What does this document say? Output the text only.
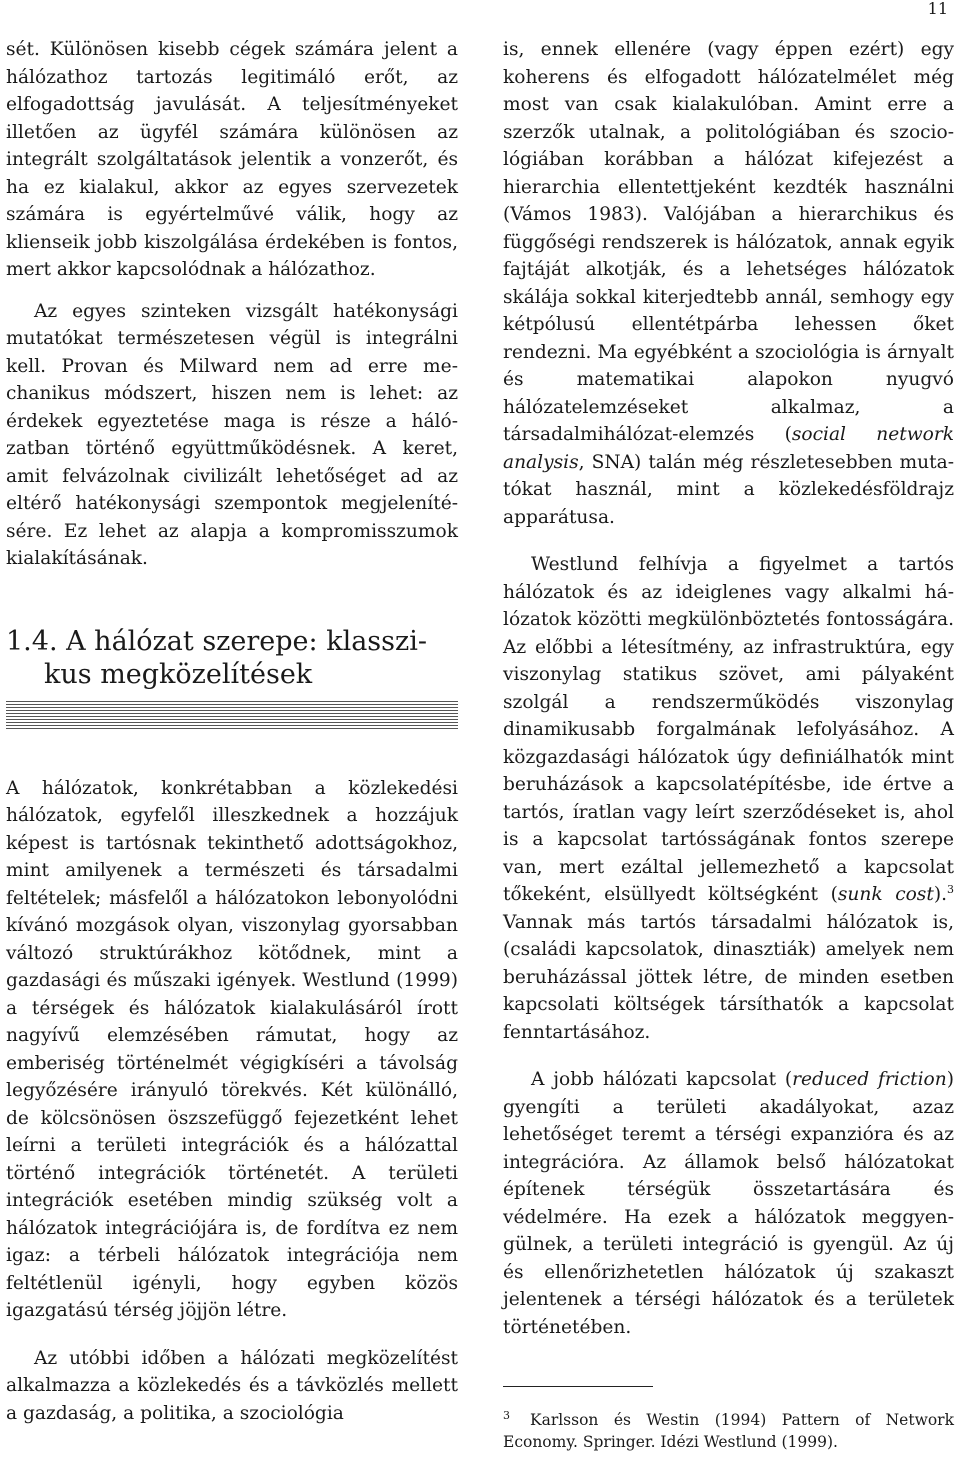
11

sét. Különösen kisebb cégek számára jelent a hálózathoz tartozás legitimáló erőt, az elfogadottság javulását. A teljesítményeket illetően az ügyfél számára különösen az integrált szolgáltatások jelentik a vonzerőt, és ha ez kialakul, akkor az egyes szervezetek számára is egyértelművé válik, hogy az klienseik jobb kiszolgálása érdekében is fontos, mert akkor kapcsolódnak a hálózathoz.

Az egyes szinteken vizsgált hatékonysági mutatókat természetesen végül is integrálni kell. Provan és Milward nem ad erre mechanikus módszert, hiszen nem is lehet: az érdekek egyeztetése maga is része a hálózatban történő együttműködésnek. A keret, amit felvázolnak civilizált lehetőséget ad az eltérő hatékonysági szempontok megjelenítésére. Ez lehet az alapja a kompromisszumok kialakításának.

1.4. A hálózat szerepe: klasszi-
kus megközelítések

A hálózatok, konkrétabban a közlekedési hálózatok, egyfelől illeszkednek a hozzájuk képest is tartósnak tekinthető adottságokhoz, mint amilyenek a természeti és társadalmi feltételek; másfelől a hálózatokon lebonyolódni kívánó mozgások olyan, viszonylag gyorsabban változó struktúrákhoz kötődnek, mint a gazdasági és műszaki igények. Westlund (1999) a térségek és hálózatok kialakulásáról írott nagyívű elemzésében rámutat, hogy az emberiség történelmét végigkíséri a távolság legyőzésére irányuló törekvés. Két különálló, de kölcsönösen öszszefüggő fejezetként lehet leírni a területi integrációk és a hálózattal történő integrációk történetét. A területi integrációk esetében mindig szükség volt a hálózatok integrációjára is, de fordítva ez nem igaz: a térbeli hálózatok integrációja nem feltétlenül igényli, hogy egyben közös igazgatású térség jöjjön létre.

Az utóbbi időben a hálózati megközelítést alkalmazza a közlekedés és a távközlés mellett a gazdaság, a politika, a szociológia

is, ennek ellenére (vagy éppen ezért) egy koherens és elfogadott hálózatelmélet még most van csak kialakulóban. Amint erre a szerzők utalnak, a politológiában és szociológiában korábban a hálózat kifejezést a hierarchia ellentettjeként kezdték használni (Vámos 1983). Valójában a hierarchikus és függőségi rendszerek is hálózatok, annak egyik fajtáját alkotják, és a lehetséges hálózatok skálája sokkal kiterjedtebb annál, semhogy egy kétpólusú ellentétpárba lehessen őket rendezni. Ma egyébként a szociológia is árnyalt és matematikai alapokon nyugvó hálózatelemzéseket alkalmaz, a társadalmihálózat-elemzés (social network analysis, SNA) talán még részletesebben mutatókat használ, mint a közlekedésföldrajz apparátusa.

Westlund felhívja a figyelmet a tartós hálózatok és az ideiglenes vagy alkalmi hálózatok közötti megkülönböztetés fontosságára. Az előbbi a létesítmény, az infrastruktúra, egy viszonylag statikus szövet, ami pályaként szolgál a rendszerműködés viszonylag dinamikusabb forgalmának lefolyásához. A közgazdasági hálózatok úgy definiálhatók mint beruházások a kapcsolatépítésbe, ide értve a tartós, íratlan vagy leírt szerződéseket is, ahol is a kapcsolat tartósságának fontos szerepe van, mert ezáltal jellemezhető a kapcsolat tőkeként, elsüllyedt költségként (sunk cost).$^3$ Vannak más tartós társadalmi hálózatok is, (családi kapcsolatok, dinasztiák) amelyek nem beruházással jöttek létre, de minden esetben kapcsolati költségek társíthatók a kapcsolat fenntartásához.

A jobb hálózati kapcsolat (reduced friction) gyengíti a területi akadályokat, azaz lehetőséget teremt a térségi expanzióra és az integrációra. Az államok belső hálózatokat építenek térségük összetartására és védelmére. Ha ezek a hálózatok meggyengülnek, a területi integráció is gyengül. Az új és ellenőrizhetetlen hálózatok új szakaszt jelentenek a térségi hálózatok és a területek történetében.

$^3$ Karlsson és Westin (1994) Pattern of Network Economy. Springer. Idézi Westlund (1999).
